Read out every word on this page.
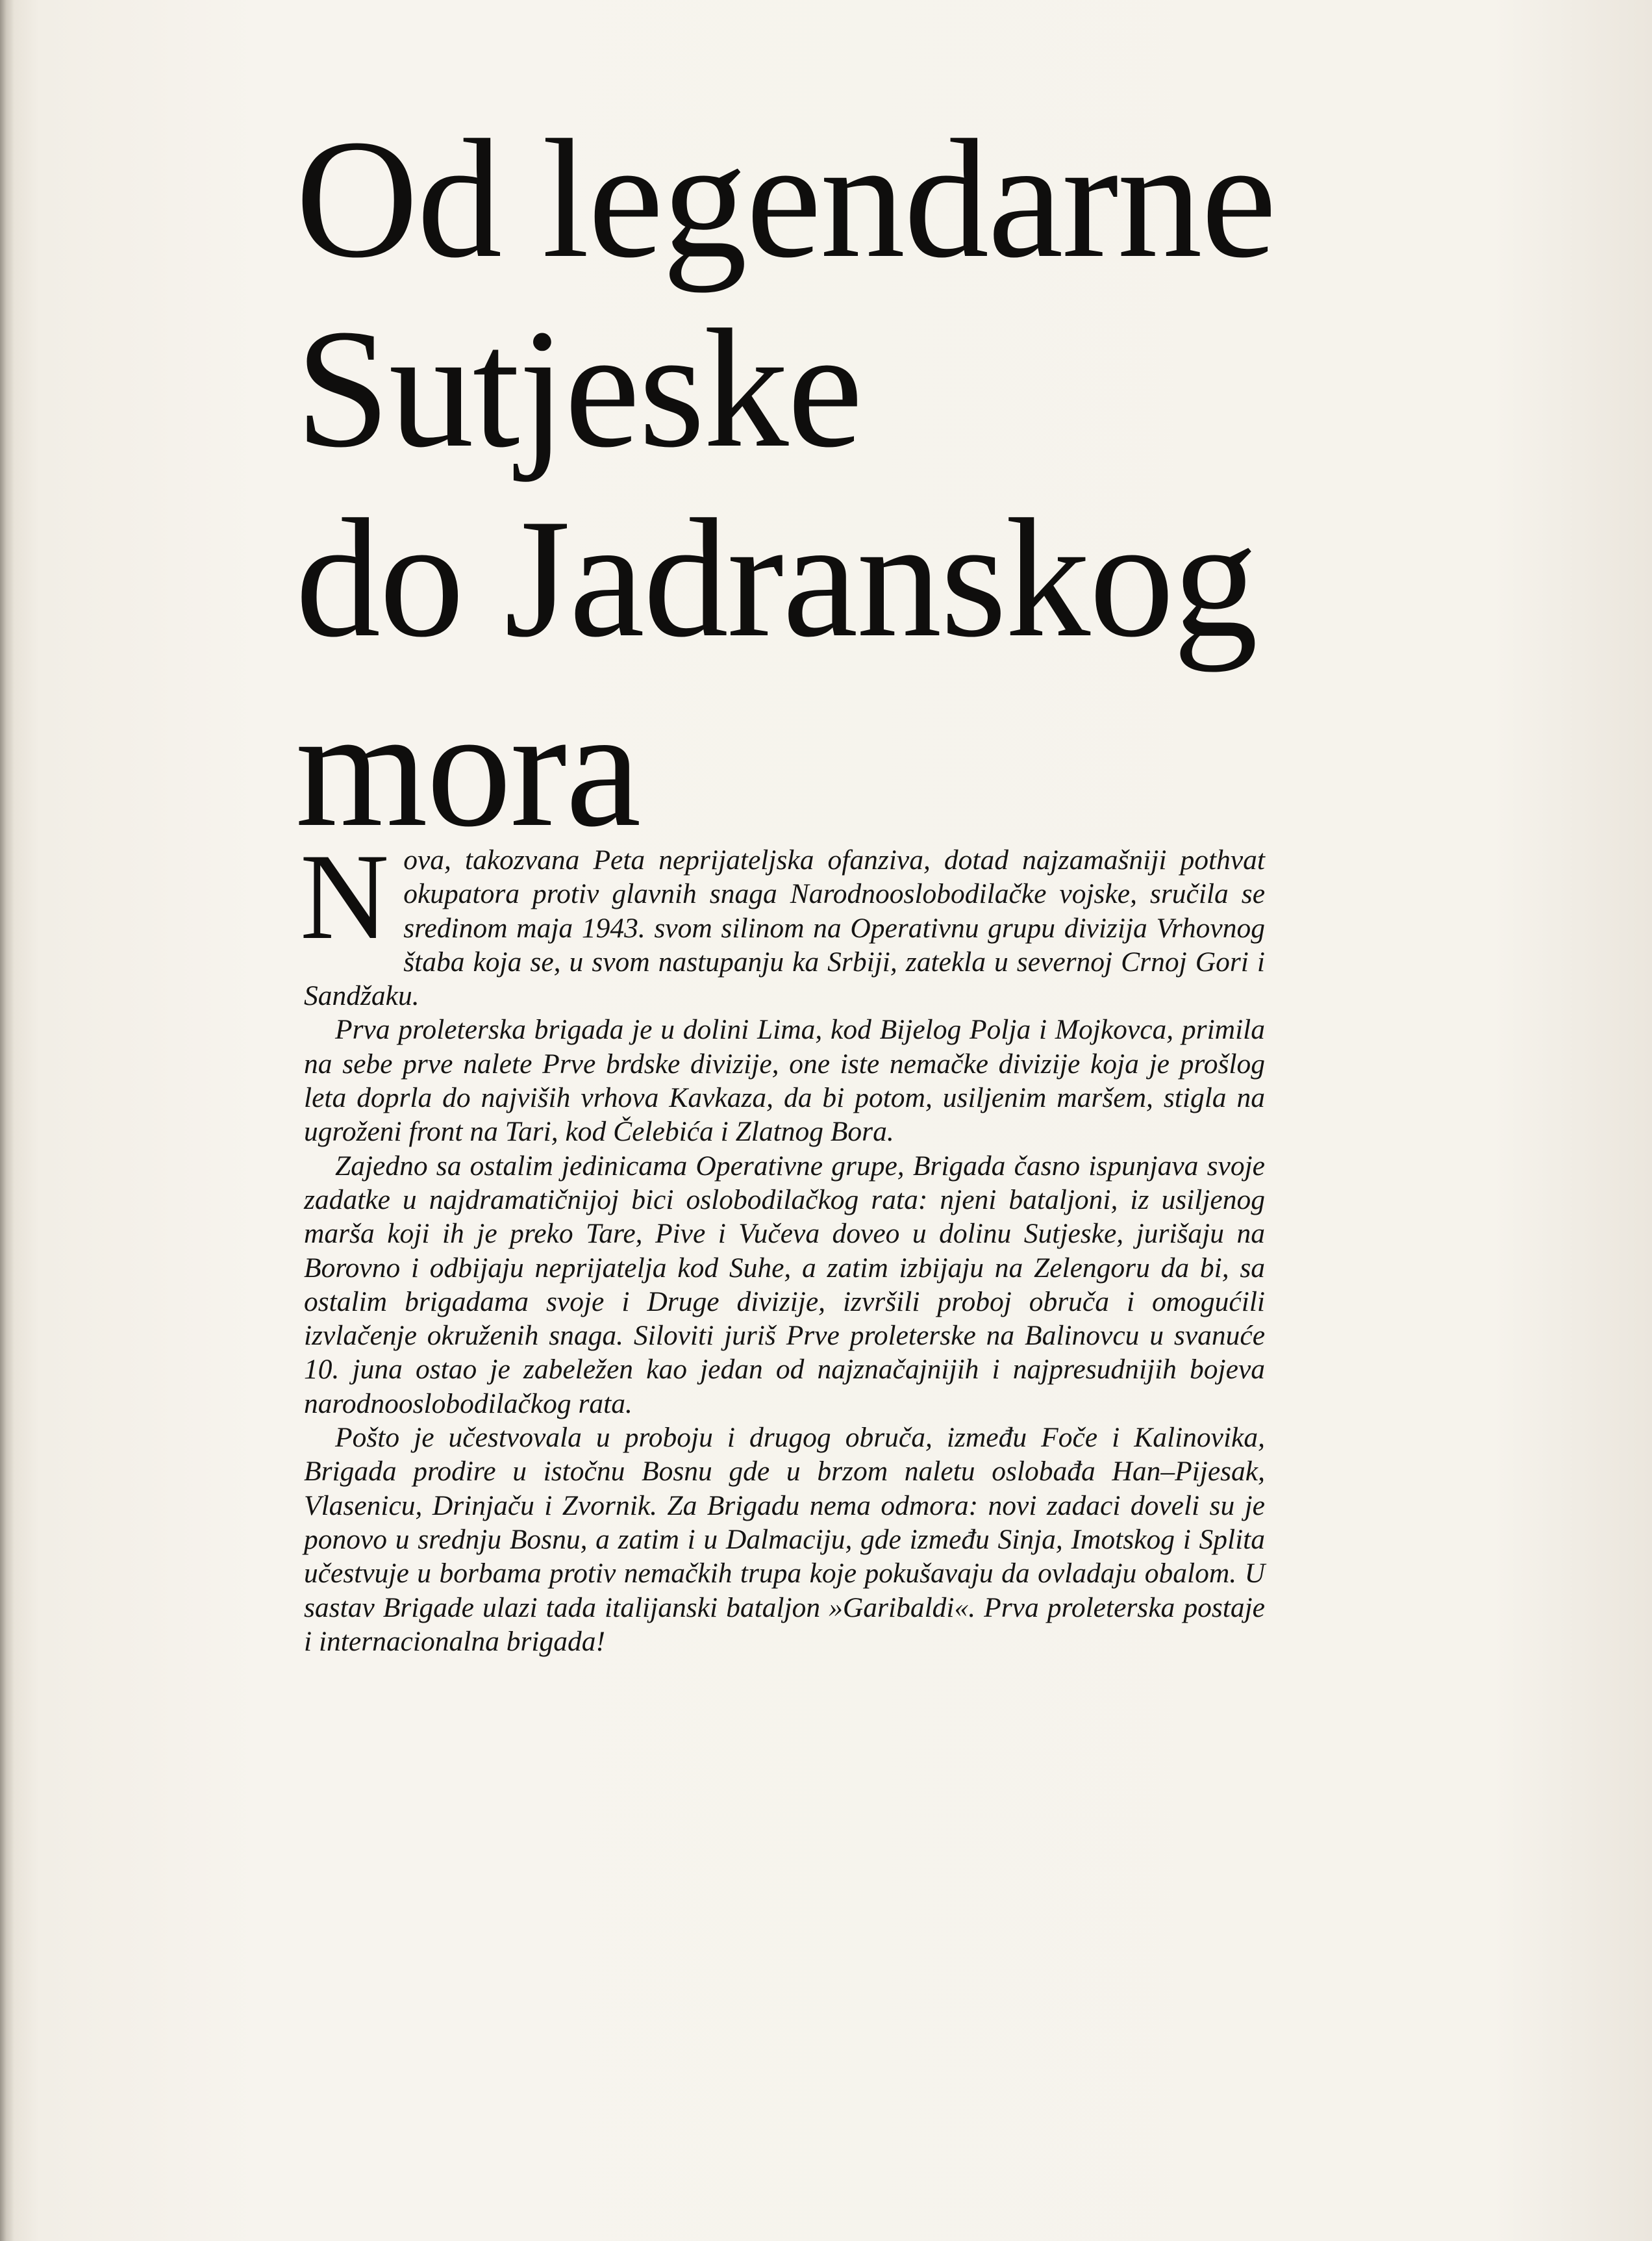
Od legendarne
Sutjeske
do Jadranskog
mora

Nova, takozvana Peta neprijateljska ofanziva, dotad najzamašniji pothvat okupatora protiv glavnih snaga Narodnooslobodilačke vojske, sručila se sredinom maja 1943. svom silinom na Operativnu grupu divizija Vrhovnog štaba koja se, u svom nastupanju ka Srbiji, zatekla u severnoj Crnoj Gori i Sandžaku.

Prva proleterska brigada je u dolini Lima, kod Bijelog Polja i Mojkovca, primila na sebe prve nalete Prve brdske divizije, one iste nemačke divizije koja je prošlog leta doprla do najviših vrhova Kavkaza, da bi potom, usiljenim maršem, stigla na ugroženi front na Tari, kod Čelebića i Zlatnog Bora.

Zajedno sa ostalim jedinicama Operativne grupe, Brigada časno ispunjava svoje zadatke u najdramatičnijoj bici oslobodilačkog rata: njeni bataljoni, iz usiljenog marša koji ih je preko Tare, Pive i Vučeva doveo u dolinu Sutjeske, jurišaju na Borovno i odbijaju neprijatelja kod Suhe, a zatim izbijaju na Zelengoru da bi, sa ostalim brigadama svoje i Druge divizije, izvršili proboj obruča i omogućili izvlačenje okruženih snaga. Siloviti juriš Prve proleterske na Balinovcu u svanuće 10. juna ostao je zabeležen kao jedan od najznačajnijih i najpresudnijih bojeva narodnooslobodilačkog rata.

Pošto je učestvovala u proboju i drugog obruča, između Foče i Kalinovika, Brigada prodire u istočnu Bosnu gde u brzom naletu oslobađa Han–Pijesak, Vlasenicu, Drinjaču i Zvornik. Za Brigadu nema odmora: novi zadaci doveli su je ponovo u srednju Bosnu, a zatim i u Dalmaciju, gde između Sinja, Imotskog i Splita učestvuje u borbama protiv nemačkih trupa koje pokušavaju da ovladaju obalom. U sastav Brigade ulazi tada italijanski bataljon »Garibaldi«. Prva proleterska postaje i internacionalna brigada!
